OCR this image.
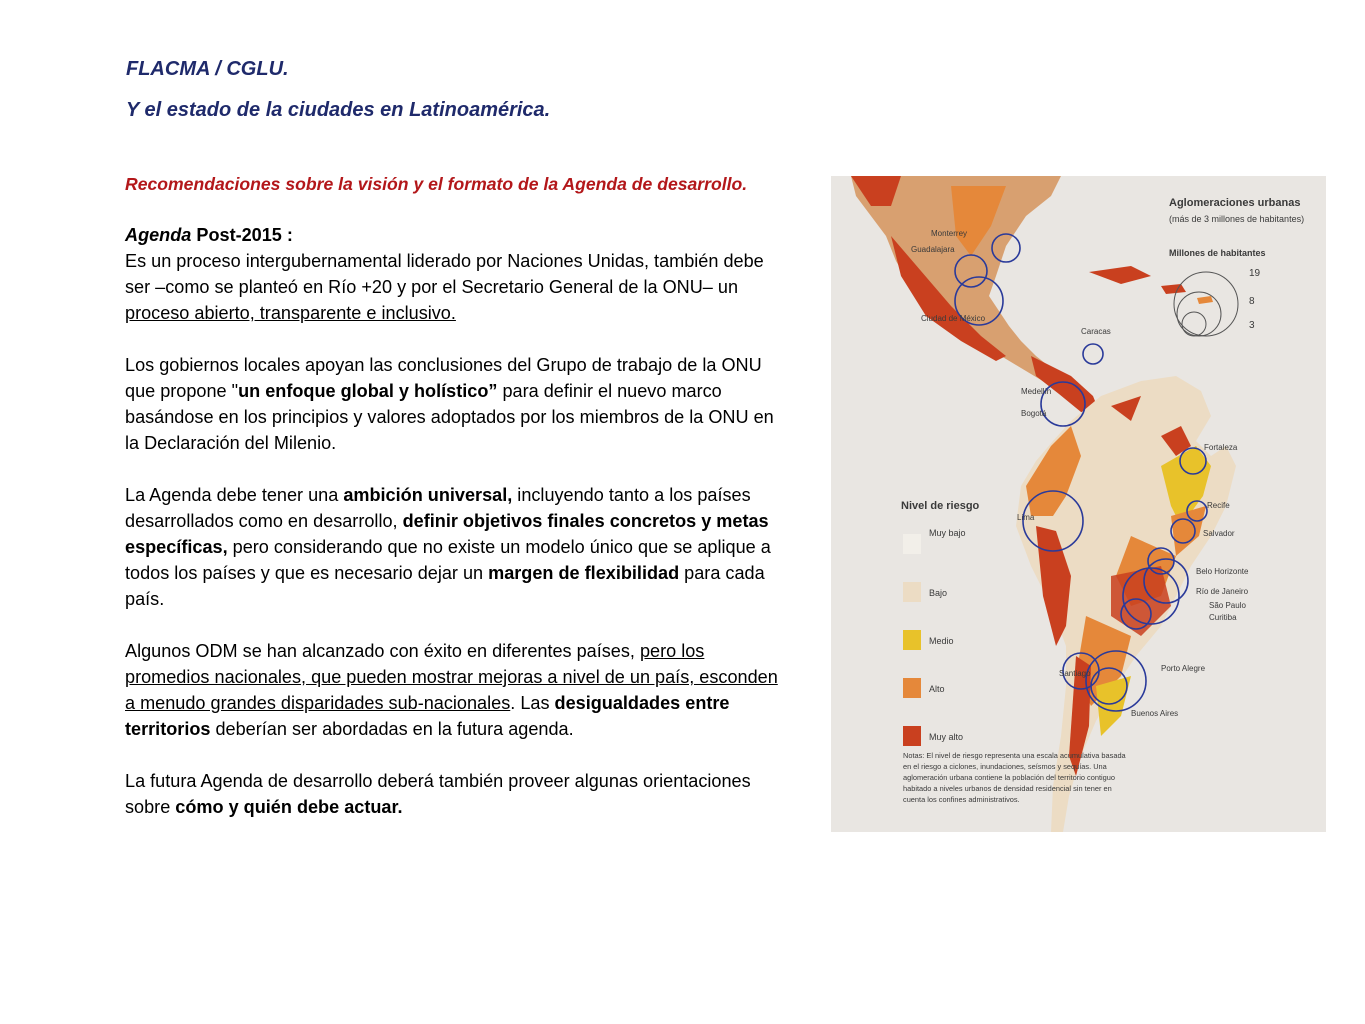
FLACMA / CGLU.
Y el estado de la ciudades en Latinoamérica.

Recomendaciones sobre la visión y el formato de la Agenda de desarrollo.

Agenda Post-2015 :
Es un proceso intergubernamental liderado por Naciones Unidas, también debe ser –como se planteó en Río +20 y por el Secretario General de la ONU– un proceso abierto, transparente e inclusivo.

Los gobiernos locales apoyan las conclusiones del Grupo de trabajo de la ONU que propone "un enfoque global y holístico” para definir el nuevo marco basándose en los principios y valores adoptados por los miembros de la ONU en la Declaración del Milenio.

La Agenda debe tener una ambición universal, incluyendo tanto a los países desarrollados como en desarrollo, definir objetivos finales concretos y metas específicas, pero considerando que no existe un modelo único que se aplique a todos los países y que es necesario dejar un margen de flexibilidad para cada país.

Algunos ODM se han alcanzado con éxito en diferentes países, pero los promedios nacionales, que pueden mostrar mejoras a nivel de un país, esconden a menudo grandes disparidades sub-nacionales. Las desigualdades entre territorios deberían ser abordadas en la futura agenda.

La futura Agenda de desarrollo deberá también proveer algunas orientaciones sobre cómo y quién debe actuar.

Aglomeraciones urbanas
(más de 3 millones de habitantes)
Millones de habitantes
19
8
3
Nivel de riesgo
Muy bajo
Bajo
Medio
Alto
Muy alto
Monterrey
Guadalajara
Ciudad de México
Caracas
Medellín
Bogotá
Fortaleza
Recife
Lima
Salvador
Belo Horizonte
Río de Janeiro
São Paulo
Curitiba
Santiago
Porto Alegre
Buenos Aires
Notas: El nivel de riesgo representa una escala acumulativa basada
en el riesgo a ciclones, inundaciones, seísmos y sequías. Una
aglomeración urbana contiene la población del territorio contiguo
habitado a niveles urbanos de densidad residencial sin tener en
cuenta los confines administrativos.
